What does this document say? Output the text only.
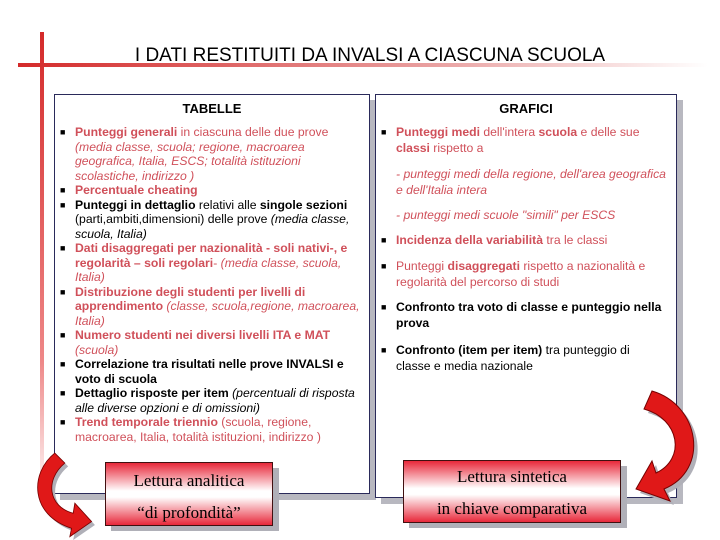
I DATI RESTITUITI DA INVALSI A CIASCUNA SCUOLA
TABELLE
■ Punteggi generali in ciascuna delle due prove (media classe, scuola; regione, macroarea geografica, Italia, ESCS; totalità istituzioni scolastiche, indirizzo )
■ Percentuale cheating
■ Punteggi in dettaglio relativi alle singole sezioni (parti,ambiti,dimensioni) delle prove (media classe, scuola, Italia)
■ Dati disaggregati per nazionalità - soli nativi-, e regolarità – soli regolari- (media classe, scuola, Italia)
■ Distribuzione degli studenti per livelli di apprendimento (classe, scuola,regione, macroarea, Italia)
■ Numero studenti nei diversi livelli ITA e MAT (scuola)
■ Correlazione tra risultati nelle prove INVALSI e voto di scuola
■ Dettaglio risposte per item (percentuali di risposta alle diverse opzioni e di omissioni)
■ Trend temporale triennio (scuola, regione, macroarea, Italia, totalità istituzioni, indirizzo )
GRAFICI
■ Punteggi medi dell'intera scuola e delle sue classi rispetto a
- punteggi medi della regione, dell'area geografica e dell'Italia intera
- punteggi medi scuole "simili" per ESCS
■ Incidenza della variabilità tra le classi
■ Punteggi disaggregati rispetto a nazionalità e regolarità del percorso di studi
■ Confronto tra voto di classe e punteggio nella prova
■ Confronto (item per item) tra punteggio di classe e media nazionale
Lettura analitica
“di profondità”
Lettura sintetica
in chiave comparativa
